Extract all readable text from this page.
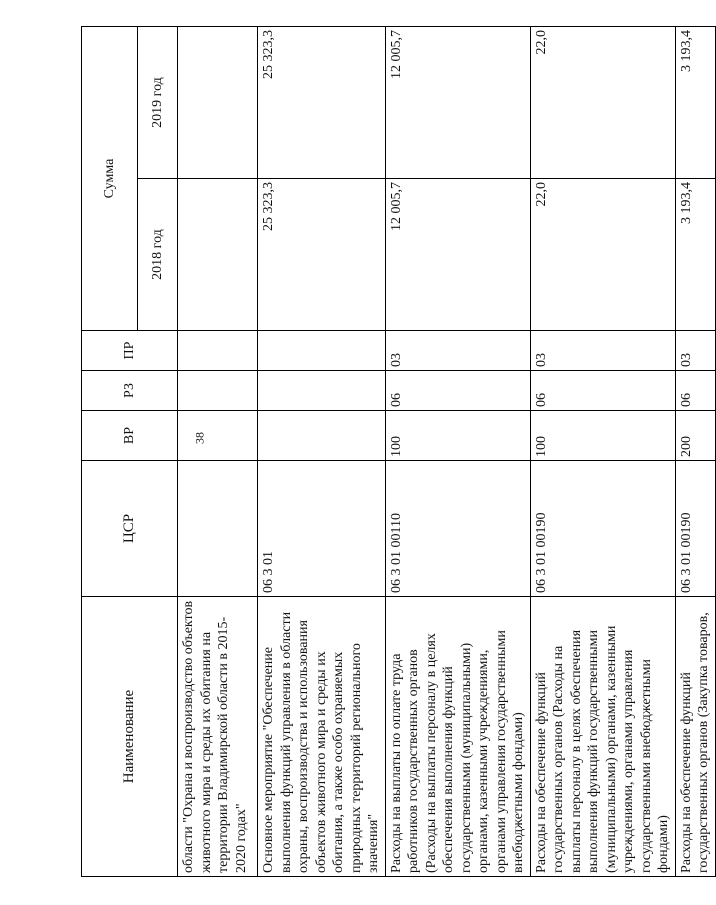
38
Наименование	ЦСР	ВР	РЗ	ПР	Сумма	
					2018 год	2019 год
области "Охрана и воспроизводство объектов животного мира и среды их обитания на территории Владимирской области в 2015-2020 годах"						
Основное мероприятие "Обеспечение выполнения функций управления в области охраны, воспроизводства и использования объектов животного мира и среды их обитания, а также особо охраняемых природных территорий регионального значения"	06 3 01				25 323,3	25 323,3
Расходы на выплаты по оплате труда работников государственных органов (Расходы на выплаты персоналу в целях обеспечения выполнения функций государственными (муниципальными) органами, казенными учреждениями, органами управления государственными внебюджетными фондами)	06 3 01 00110	100	06	03	12 005,7	12 005,7
Расходы на обеспечение функций государственных органов (Расходы на выплаты персоналу в целях обеспечения выполнения функций государственными (муниципальными) органами, казенными учреждениями, органами управления государственными внебюджетными фондами)	06 3 01 00190	100	06	03	22,0	22,0
Расходы на обеспечение функций государственных органов (Закупка товаров,	06 3 01 00190	200	06	03	3 193,4	3 193,4
